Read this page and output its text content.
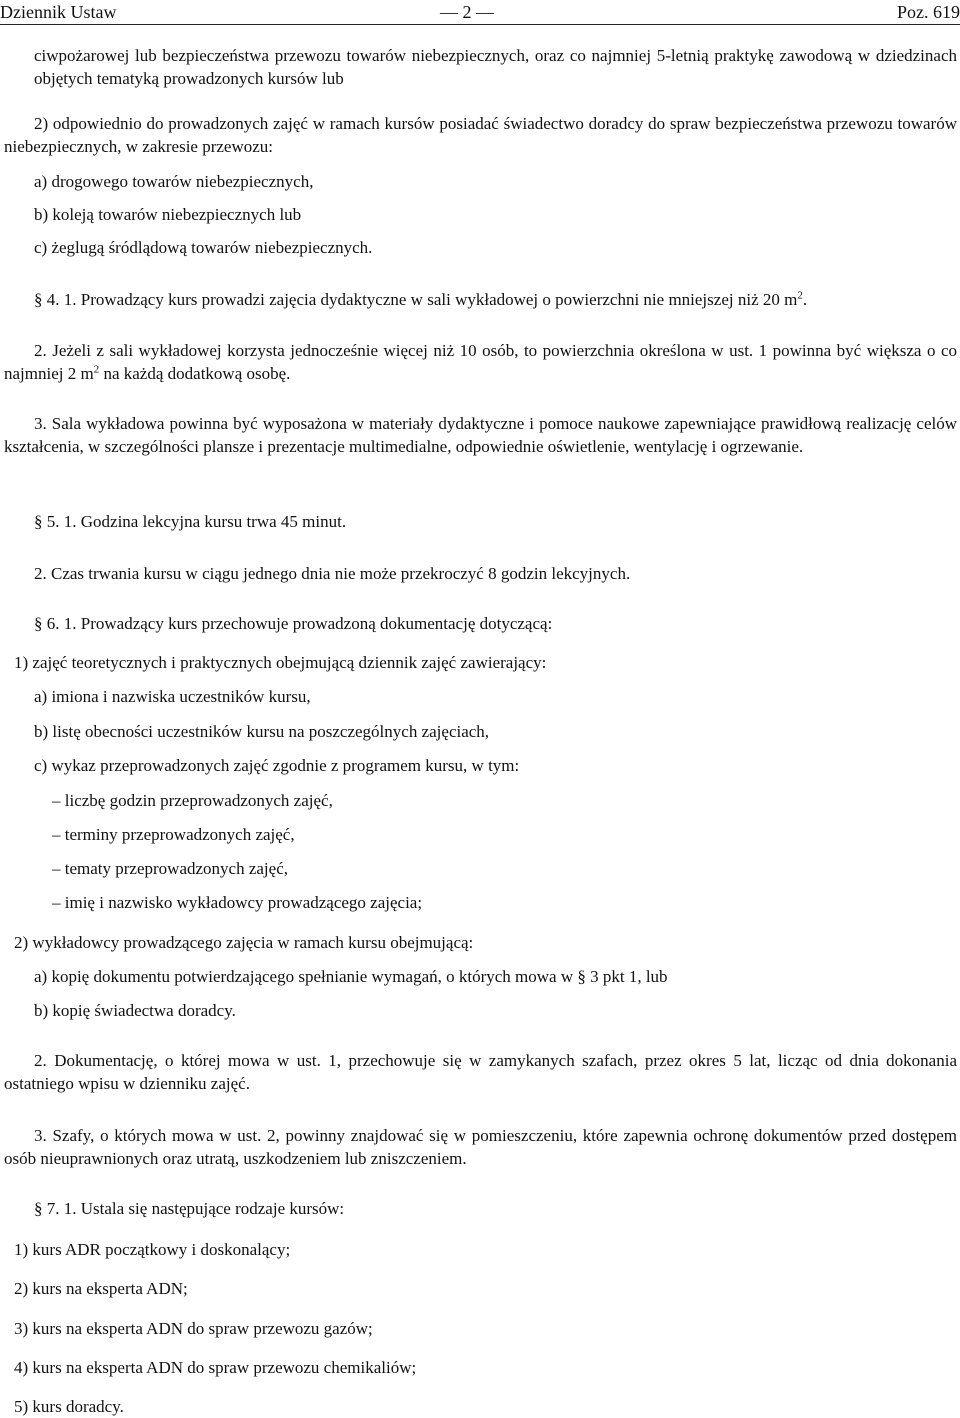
Dziennik Ustaw	— 2 —	Poz. 619

ciwpożarowej lub bezpieczeństwa przewozu towarów niebezpiecznych, oraz co najmniej 5-letnią praktykę zawodową w dziedzinach objętych tematyką prowadzonych kursów lub

2) odpowiednio do prowadzonych zajęć w ramach kursów posiadać świadectwo doradcy do spraw bezpieczeństwa przewozu towarów niebezpiecznych, w zakresie przewozu:

a) drogowego towarów niebezpiecznych,

b) koleją towarów niebezpiecznych lub

c) żeglugą śródlądową towarów niebezpiecznych.

§ 4. 1. Prowadzący kurs prowadzi zajęcia dydaktyczne w sali wykładowej o powierzchni nie mniejszej niż 20 $m^2$.

2. Jeżeli z sali wykładowej korzysta jednocześnie więcej niż 10 osób, to powierzchnia określona w ust. 1 powinna być większa o co najmniej 2 $m^2$ na każdą dodatkową osobę.

3. Sala wykładowa powinna być wyposażona w materiały dydaktyczne i pomoce naukowe zapewniające prawidłową realizację celów kształcenia, w szczególności plansze i prezentacje multimedialne, odpowiednie oświetlenie, wentylację i ogrzewanie.

§ 5. 1. Godzina lekcyjna kursu trwa 45 minut.

2. Czas trwania kursu w ciągu jednego dnia nie może przekroczyć 8 godzin lekcyjnych.

§ 6. 1. Prowadzący kurs przechowuje prowadzoną dokumentację dotyczącą:

1) zajęć teoretycznych i praktycznych obejmującą dziennik zajęć zawierający:

a) imiona i nazwiska uczestników kursu,

b) listę obecności uczestników kursu na poszczególnych zajęciach,

c) wykaz przeprowadzonych zajęć zgodnie z programem kursu, w tym:

– liczbę godzin przeprowadzonych zajęć,

– terminy przeprowadzonych zajęć,

– tematy przeprowadzonych zajęć,

– imię i nazwisko wykładowcy prowadzącego zajęcia;

2) wykładowcy prowadzącego zajęcia w ramach kursu obejmującą:

a) kopię dokumentu potwierdzającego spełnianie wymagań, o których mowa w § 3 pkt 1, lub

b) kopię świadectwa doradcy.

2. Dokumentację, o której mowa w ust. 1, przechowuje się w zamykanych szafach, przez okres 5 lat, licząc od dnia dokonania ostatniego wpisu w dzienniku zajęć.

3. Szafy, o których mowa w ust. 2, powinny znajdować się w pomieszczeniu, które zapewnia ochronę dokumentów przed dostępem osób nieuprawnionych oraz utratą, uszkodzeniem lub zniszczeniem.

§ 7. 1. Ustala się następujące rodzaje kursów:

1) kurs ADR początkowy i doskonalący;

2) kurs na eksperta ADN;

3) kurs na eksperta ADN do spraw przewozu gazów;

4) kurs na eksperta ADN do spraw przewozu chemikaliów;

5) kurs doradcy.
